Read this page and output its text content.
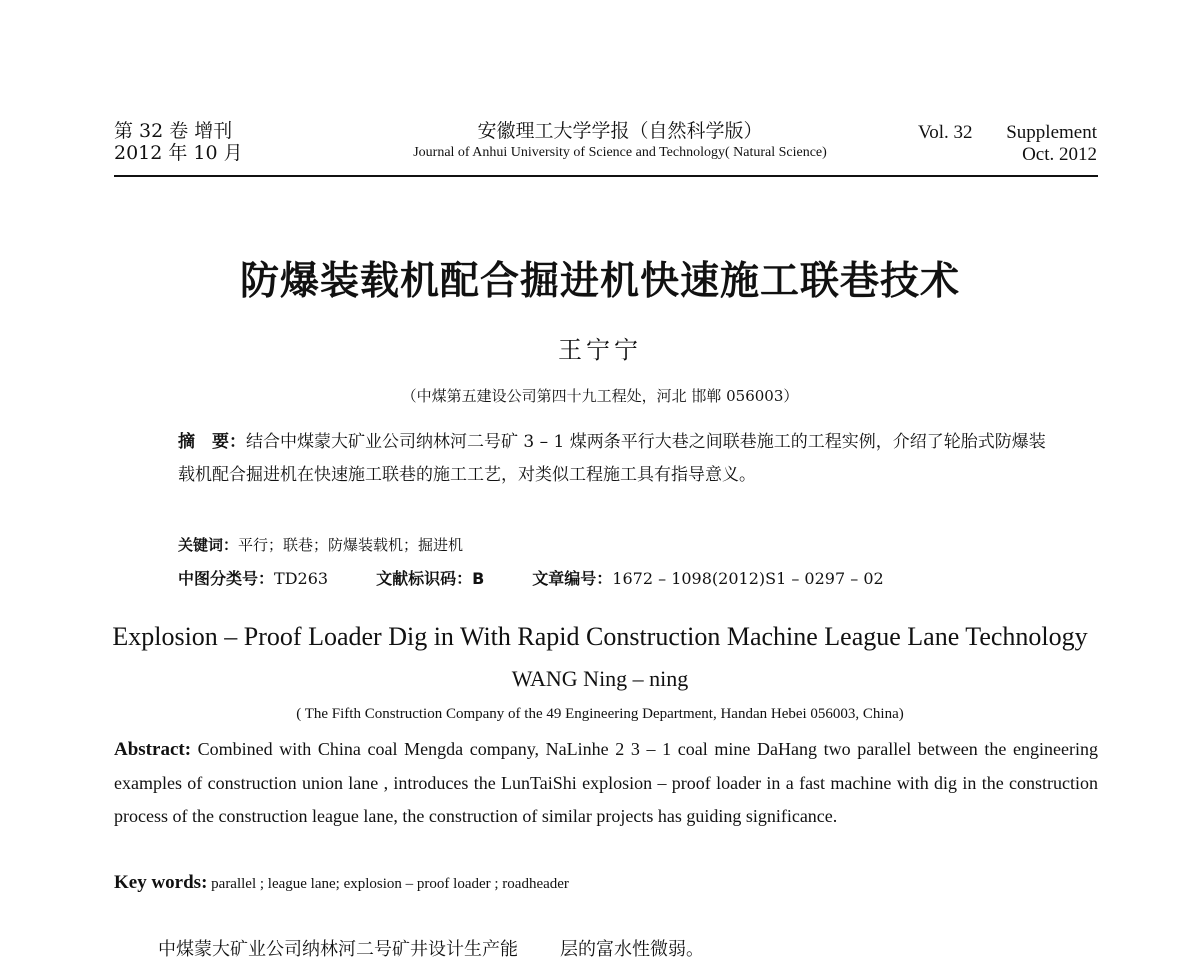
第 32 卷 增刊
2012 年 10 月
安徽理工大学学报（自然科学版）
Journal of Anhui University of Science and Technology( Natural Science)
Vol. 32	Supplement
Oct. 2012
防爆装载机配合掘进机快速施工联巷技术
王宁宁
（中煤第五建设公司第四十九工程处，河北 邯郸 056003）
摘　要：结合中煤蒙大矿业公司纳林河二号矿 3 – 1 煤两条平行大巷之间联巷施工的工程实例，介绍了轮胎式防爆装载机配合掘进机在快速施工联巷的施工工艺，对类似工程施工具有指导意义。
关键词：平行；联巷；防爆装载机；掘进机
中图分类号：TD263	文献标识码：B	文章编号：1672 – 1098(2012)S1 – 0297 – 02
Explosion – Proof Loader Dig in With Rapid Construction Machine League Lane Technology
WANG Ning – ning
( The Fifth Construction Company of the 49 Engineering Department, Handan Hebei 056003, China)
Abstract: Combined with China coal Mengda company, NaLinhe 2 3 – 1 coal mine DaHang two parallel between the engineering examples of construction union lane , introduces the LunTaiShi explosion – proof loader in a fast machine with dig in the construction process of the construction league lane, the construction of similar projects has guiding significance.
Key words: parallel ; league lane; explosion – proof loader ; roadheader
中煤蒙大矿业公司纳林河二号矿井设计生产能 层的富水性微弱。
